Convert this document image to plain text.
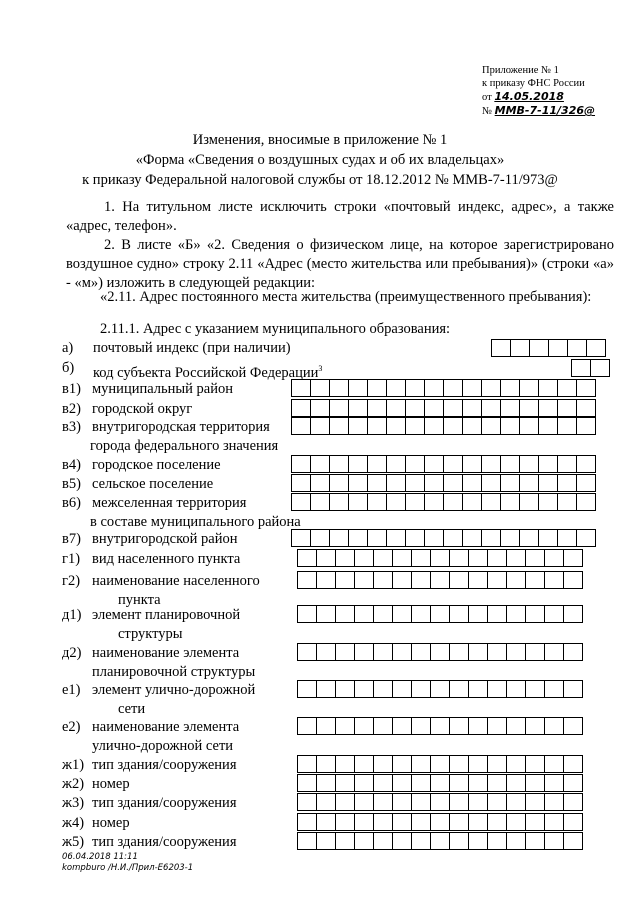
Приложение № 1
к приказу ФНС России
от 14.05.2018
№ ММВ-7-11/326@
Изменения, вносимые в приложение № 1
«Форма «Сведения о воздушных судах и об их владельцах»
к приказу Федеральной налоговой службы от 18.12.2012 № ММВ-7-11/973@
1. На титульном листе исключить строки «почтовый индекс, адрес», а также «адрес, телефон».
2. В листе «Б» «2. Сведения о физическом лице, на которое зарегистрировано воздушное судно» строку 2.11 «Адрес (место жительства или пребывания)» (строки «а» - «м») изложить в следующей редакции:
«2.11. Адрес постоянного места жительства (преимущественного пребывания):
2.11.1. Адрес с указанием муниципального образования:
а) почтовый индекс (при наличии)
б) код субъекта Российской Федерации$^3$
в1) муниципальный район
в2) городской округ
в3) внутригородская территория
города федерального значения
в4) городское поселение
в5) сельское поселение
в6) межселенная территория
в составе муниципального района
в7) внутригородской район
г1) вид населенного пункта
г2) наименование населенного
пункта
д1) элемент планировочной
структуры
д2) наименование элемента
планировочной структуры
е1) элемент улично-дорожной
сети
е2) наименование элемента
улично-дорожной сети
ж1) тип здания/сооружения
ж2) номер
ж3) тип здания/сооружения
ж4) номер
ж5) тип здания/сооружения
06.04.2018 11:11
kompburo /Н.И./Прил-Е6203-1
